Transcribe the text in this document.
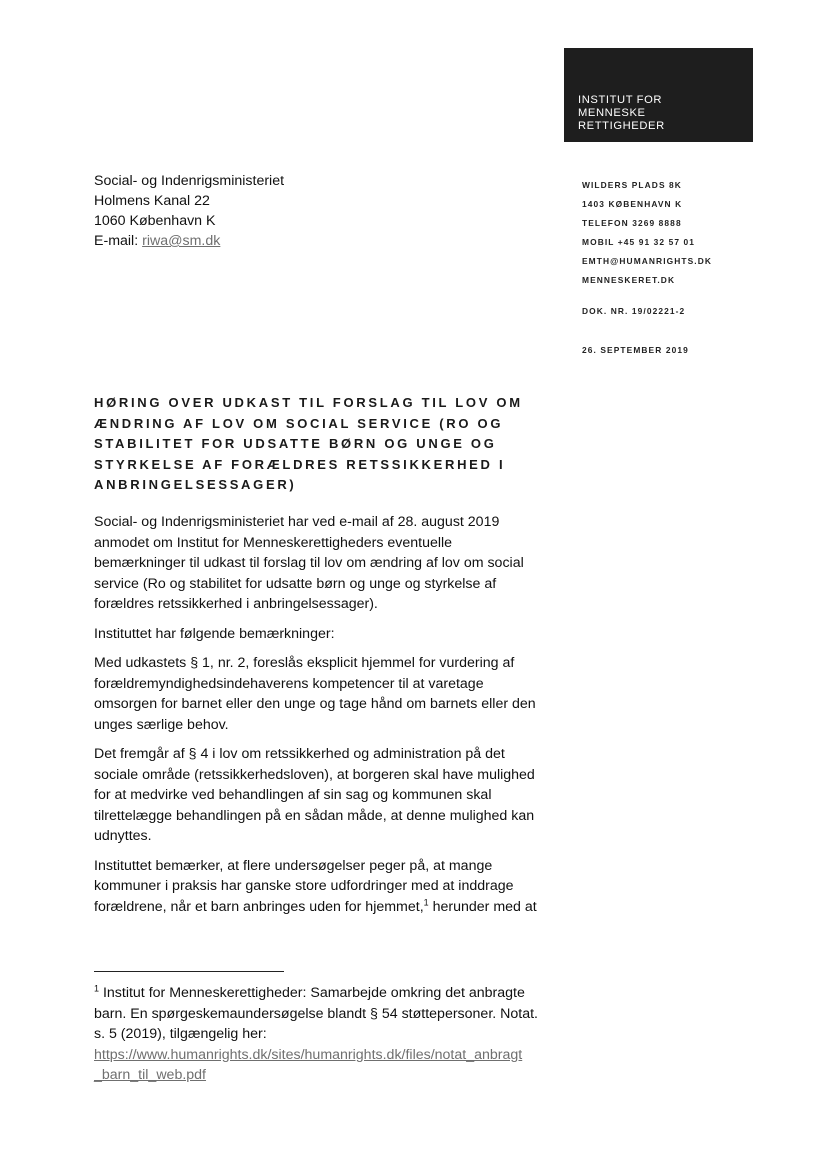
INSTITUT FOR
MENNESKE
RETTIGHEDER
Social- og Indenrigsministeriet
Holmens Kanal 22
1060 København K
E-mail: riwa@sm.dk
WILDERS PLADS 8K
1403 KØBENHAVN K
TELEFON 3269 8888
MOBIL +45 91 32 57 01
EMTH@HUMANRIGHTS.DK
MENNESKERET.DK
DOK. NR. 19/02221-2
26. SEPTEMBER 2019
HØRING OVER UDKAST TIL FORSLAG TIL LOV OM
ÆNDRING AF LOV OM SOCIAL SERVICE (RO OG
STABILITET FOR UDSATTE BØRN OG UNGE OG
STYRKELSE AF FORÆLDRES RETSSIKKERHED I
ANBRINGELSESSAGER)
Social- og Indenrigsministeriet har ved e-mail af 28. august 2019
anmodet om Institut for Menneskerettigheders eventuelle
bemærkninger til udkast til forslag til lov om ændring af lov om social
service (Ro og stabilitet for udsatte børn og unge og styrkelse af
forældres retssikkerhed i anbringelsessager).
Instituttet har følgende bemærkninger:
Med udkastets § 1, nr. 2, foreslås eksplicit hjemmel for vurdering af
forældremyndighedsindehaverens kompetencer til at varetage
omsorgen for barnet eller den unge og tage hånd om barnets eller den
unges særlige behov.
Det fremgår af § 4 i lov om retssikkerhed og administration på det
sociale område (retssikkerhedsloven), at borgeren skal have mulighed
for at medvirke ved behandlingen af sin sag og kommunen skal
tilrettelægge behandlingen på en sådan måde, at denne mulighed kan
udnyttes.
Instituttet bemærker, at flere undersøgelser peger på, at mange
kommuner i praksis har ganske store udfordringer med at inddrage
forældrene, når et barn anbringes uden for hjemmet,$^1$ herunder med at
$^1$ Institut for Menneskerettigheder: Samarbejde omkring det anbragte
barn. En spørgeskemaundersøgelse blandt § 54 støttepersoner. Notat.
s. 5 (2019), tilgængelig her:
https://www.humanrights.dk/sites/humanrights.dk/files/notat_anbragt
_barn_til_web.pdf
